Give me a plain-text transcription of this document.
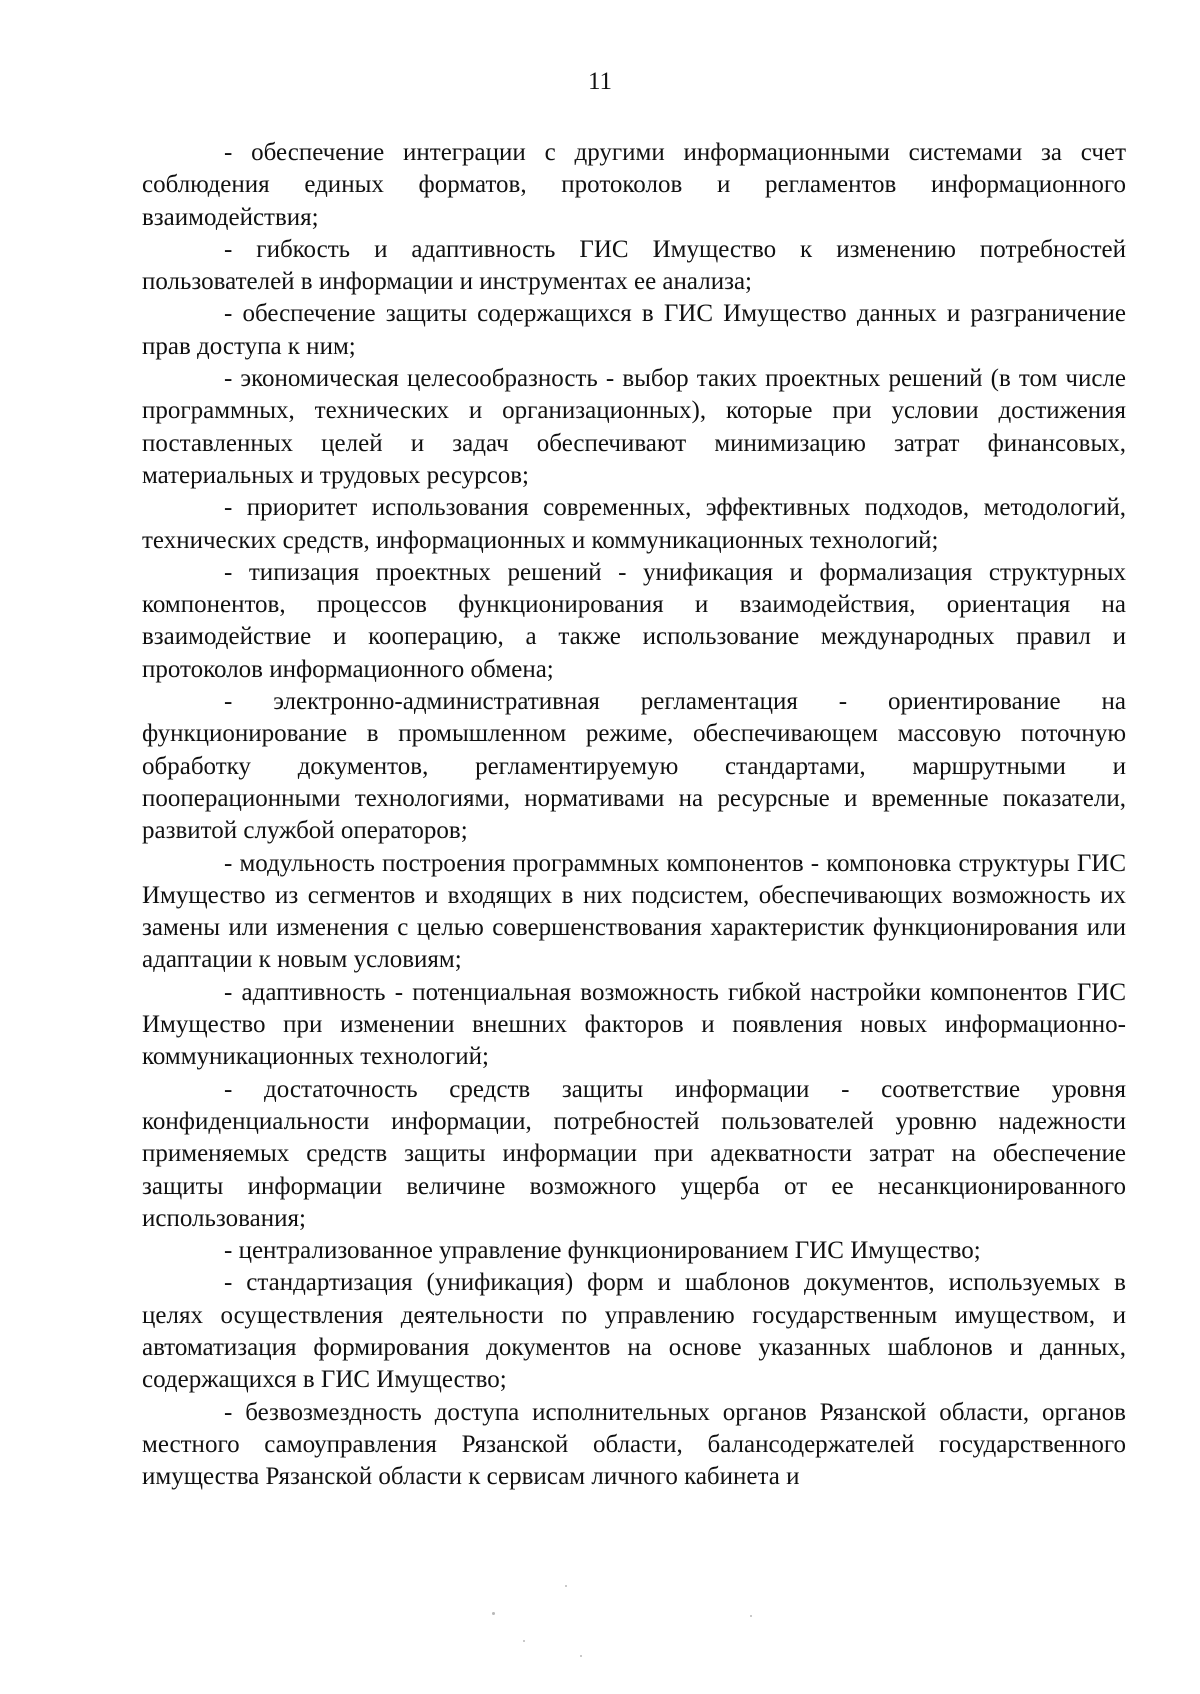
11

- обеспечение интеграции с другими информационными системами за счет соблюдения единых форматов, протоколов и регламентов информационного взаимодействия;

- гибкость и адаптивность ГИС Имущество к изменению потребностей пользователей в информации и инструментах ее анализа;

- обеспечение защиты содержащихся в ГИС Имущество данных и разграничение прав доступа к ним;

- экономическая целесообразность - выбор таких проектных решений (в том числе программных, технических и организационных), которые при условии достижения поставленных целей и задач обеспечивают минимизацию затрат финансовых, материальных и трудовых ресурсов;

- приоритет использования современных, эффективных подходов, методологий, технических средств, информационных и коммуникационных технологий;

- типизация проектных решений - унификация и формализация структурных компонентов, процессов функционирования и взаимодействия, ориентация на взаимодействие и кооперацию, а также использование международных правил и протоколов информационного обмена;

- электронно-административная регламентация - ориентирование на функционирование в промышленном режиме, обеспечивающем массовую поточную обработку документов, регламентируемую стандартами, маршрутными и пооперационными технологиями, нормативами на ресурсные и временные показатели, развитой службой операторов;

- модульность построения программных компонентов - компоновка структуры ГИС Имущество из сегментов и входящих в них подсистем, обеспечивающих возможность их замены или изменения с целью совершенствования характеристик функционирования или адаптации к новым условиям;

- адаптивность - потенциальная возможность гибкой настройки компонентов ГИС Имущество при изменении внешних факторов и появления новых информационно-коммуникационных технологий;

- достаточность средств защиты информации - соответствие уровня конфиденциальности информации, потребностей пользователей уровню надежности применяемых средств защиты информации при адекватности затрат на обеспечение защиты информации величине возможного ущерба от ее несанкционированного использования;

- централизованное управление функционированием ГИС Имущество;

- стандартизация (унификация) форм и шаблонов документов, используемых в целях осуществления деятельности по управлению государственным имуществом, и автоматизация формирования документов на основе указанных шаблонов и данных, содержащихся в ГИС Имущество;

- безвозмездность доступа исполнительных органов Рязанской области, органов местного самоуправления Рязанской области, балансодержателей государственного имущества Рязанской области к сервисам личного кабинета и
